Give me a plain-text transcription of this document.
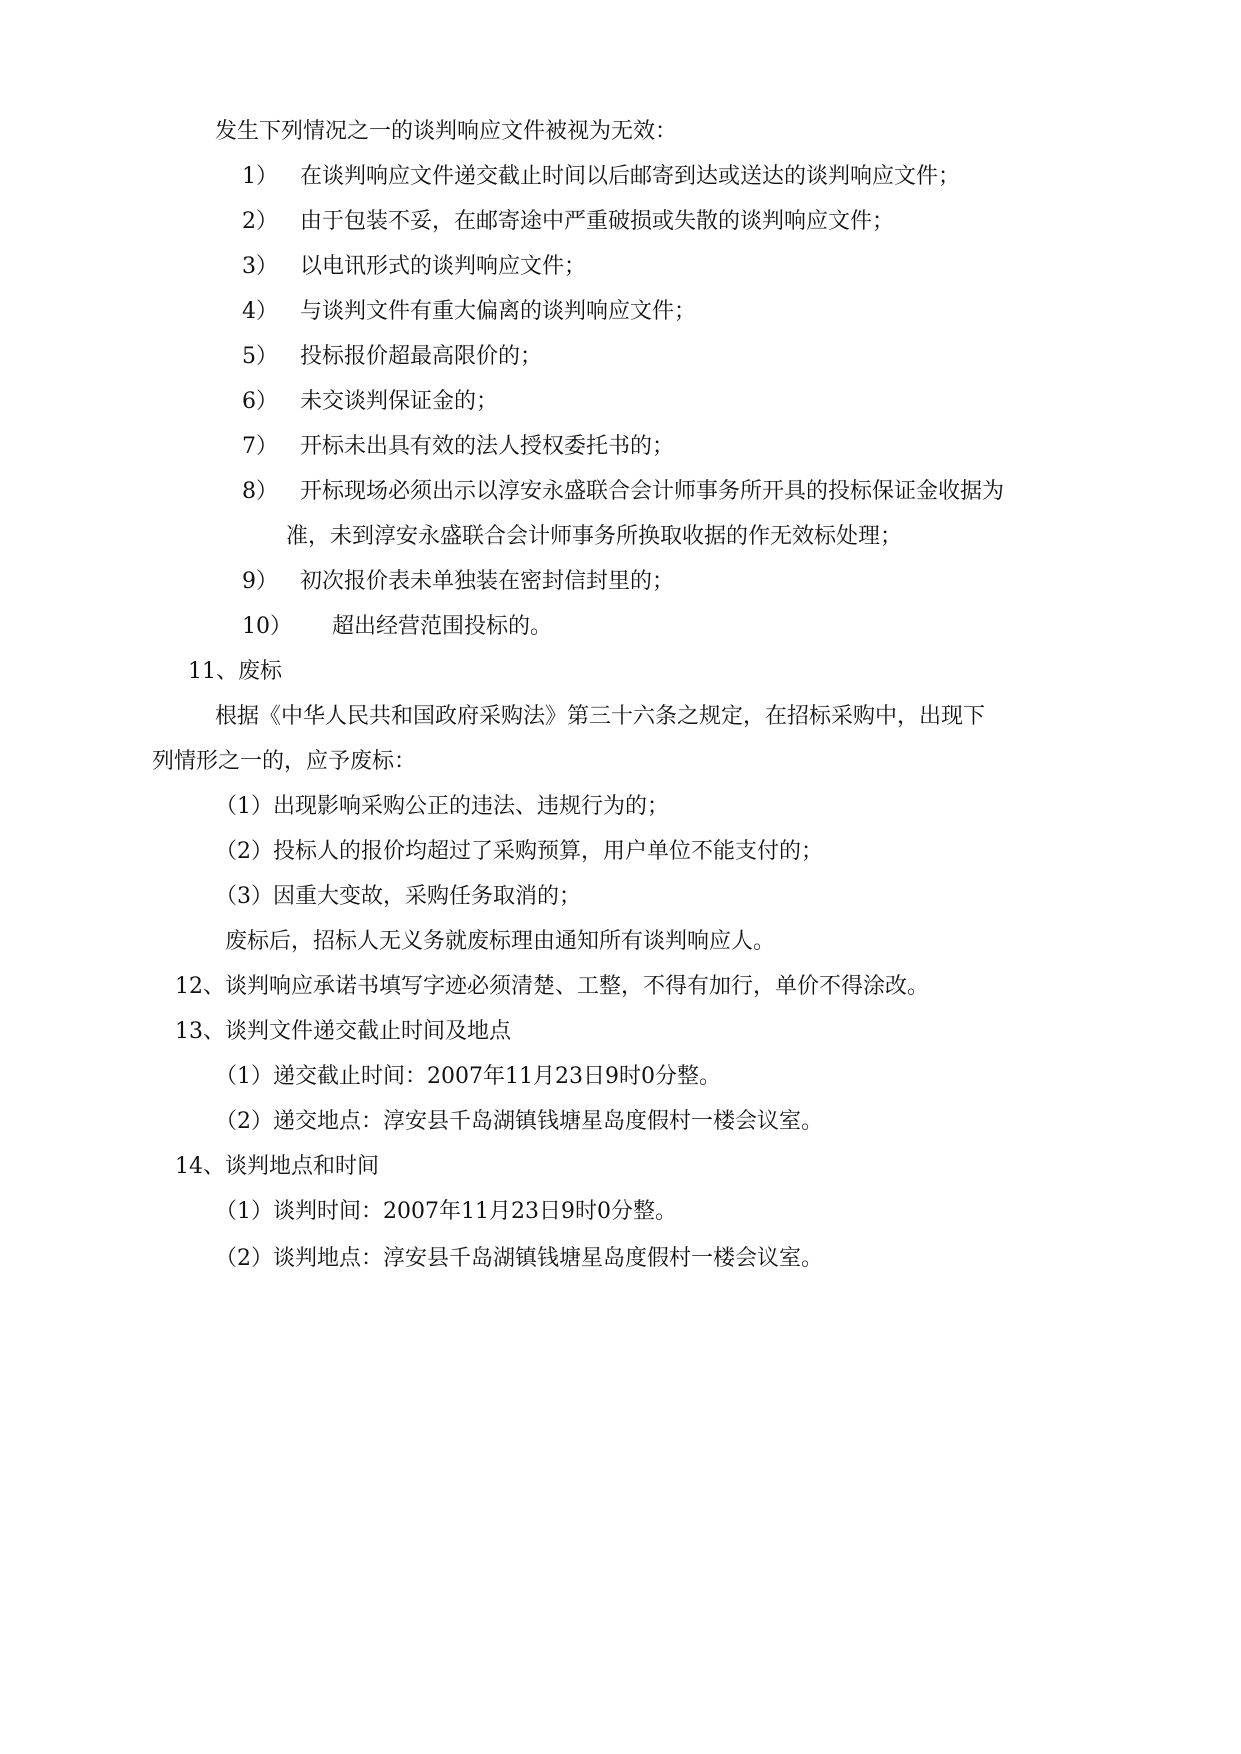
发生下列情况之一的谈判响应文件被视为无效：
1） 在谈判响应文件递交截止时间以后邮寄到达或送达的谈判响应文件；
2） 由于包装不妥，在邮寄途中严重破损或失散的谈判响应文件；
3） 以电讯形式的谈判响应文件；
4） 与谈判文件有重大偏离的谈判响应文件；
5） 投标报价超最高限价的；
6） 未交谈判保证金的；
7） 开标未出具有效的法人授权委托书的；
8） 开标现场必须出示以淳安永盛联合会计师事务所开具的投标保证金收据为
准，未到淳安永盛联合会计师事务所换取收据的作无效标处理；
9） 初次报价表未单独装在密封信封里的；
10） 超出经营范围投标的。
11、废标
根据《中华人民共和国政府采购法》第三十六条之规定，在招标采购中，出现下
列情形之一的，应予废标：
（1）出现影响采购公正的违法、违规行为的；
（2）投标人的报价均超过了采购预算，用户单位不能支付的；
（3）因重大变故，采购任务取消的；
废标后，招标人无义务就废标理由通知所有谈判响应人。
12、谈判响应承诺书填写字迹必须清楚、工整，不得有加行，单价不得涂改。
13、谈判文件递交截止时间及地点
（1）递交截止时间：2007年11月23日9时0分整。
（2）递交地点：淳安县千岛湖镇钱塘星岛度假村一楼会议室。
14、谈判地点和时间
（1）谈判时间：2007年11月23日9时0分整。
（2）谈判地点：淳安县千岛湖镇钱塘星岛度假村一楼会议室。
